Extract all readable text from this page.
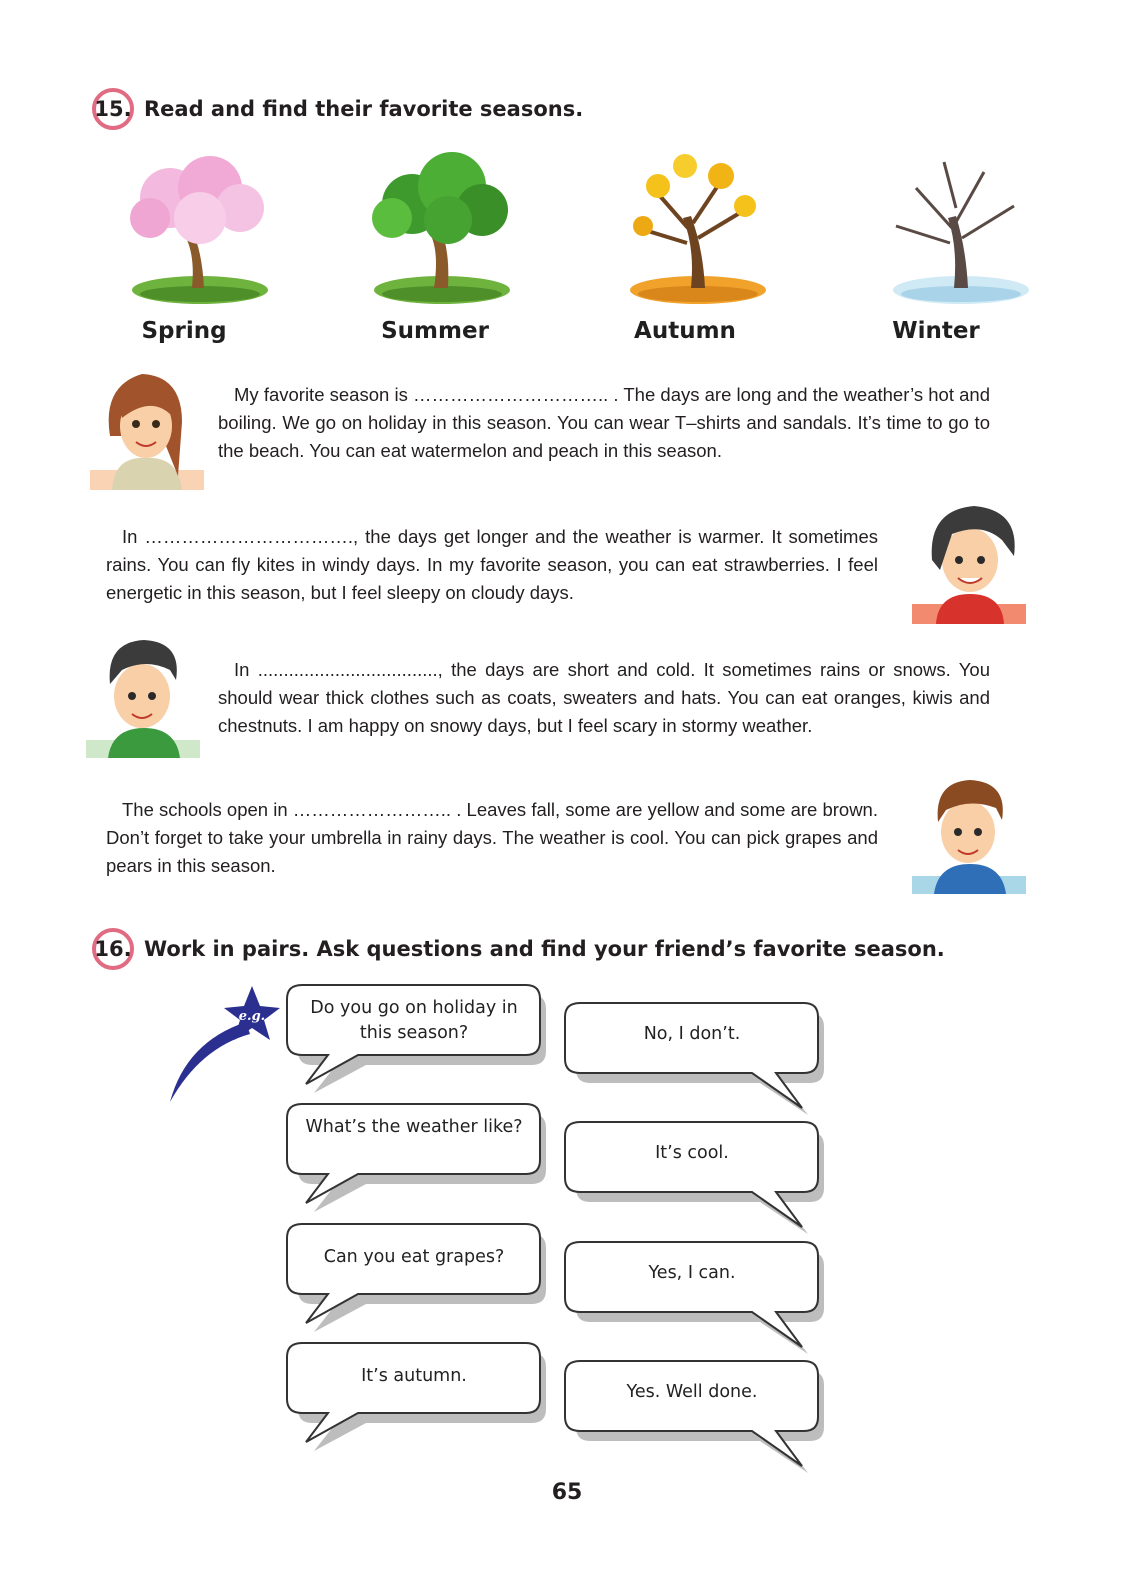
15. Read and find their favorite seasons.
Spring	Summer	Autumn	Winter

My favorite season is ………………………….. . The days are long and the weather’s hot and boiling. We go on holiday in this season. You can wear T–shirts and sandals. It’s time to go to the beach. You can eat watermelon and peach in this season.

In ……………………………., the days get longer and the weather is warmer. It sometimes rains. You can fly kites in windy days. In my favorite season, you can eat strawberries. I feel energetic in this season, but I feel sleepy on cloudy days.

In ..................................., the days are short and cold. It sometimes rains or snows. You should wear thick clothes such as coats, sweaters and hats. You can eat oranges, kiwis and chestnuts. I am happy on snowy days, but I feel scary in stormy weather.

The schools open in …………………….. . Leaves fall, some are yellow and some are brown. Don’t forget to take your umbrella in rainy days. The weather is cool. You can pick grapes and pears in this season.

16. Work in pairs. Ask questions and find your friend’s favorite season.
e.g.	Do you go on holiday in this season?
What’s the weather like?
Can you eat grapes?
It’s autumn.
No, I don’t.
It’s cool.
Yes, I can.
Yes. Well done.
65
